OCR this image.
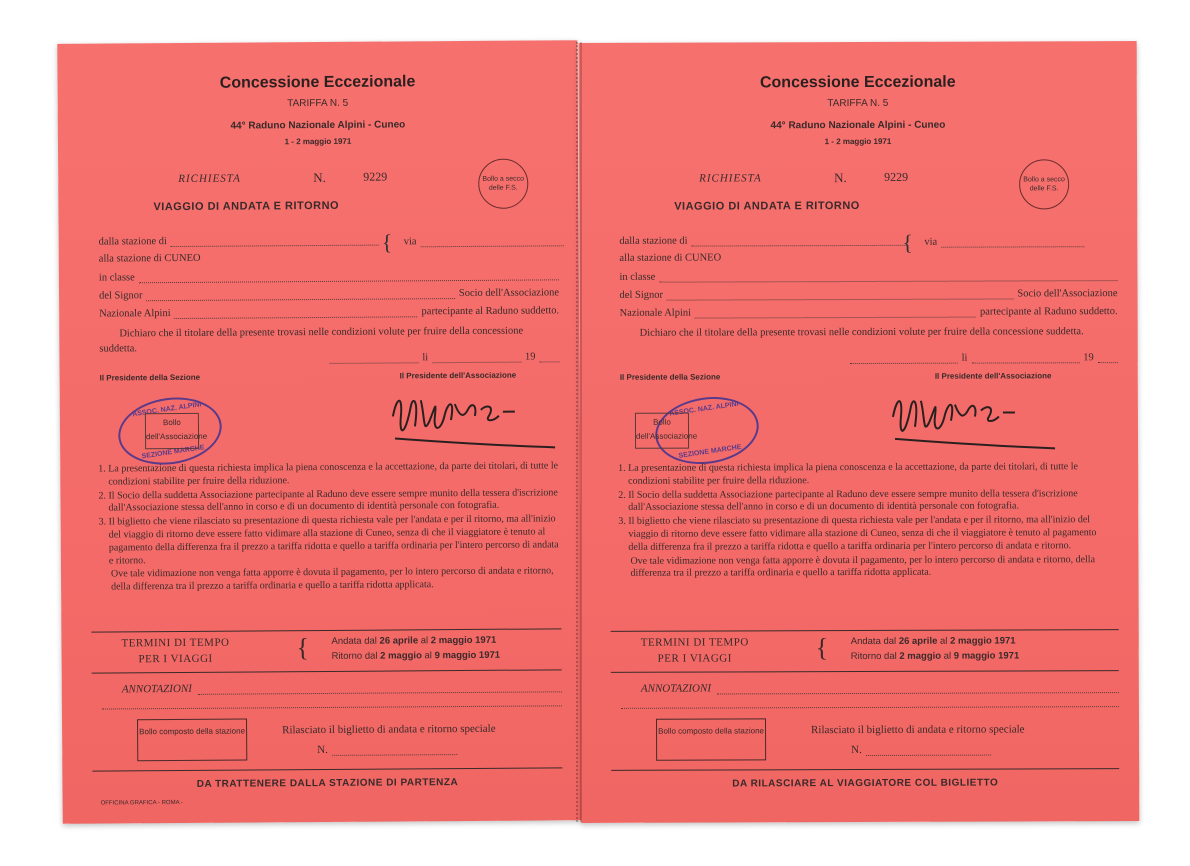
Concessione Eccezionale
TARIFFA N. 5
44° Raduno Nazionale Alpini - Cuneo
1 - 2 maggio 1971
RICHIESTA	N.	9229	Bollo a secco delle F.S.
VIAGGIO DI ANDATA E RITORNO
dalla stazione di	{ via
alla stazione di CUNEO
in classe
del Signor	Socio dell'Associazione
Nazionale Alpini	partecipante al Raduno suddetto.
Dichiaro che il titolare della presente trovasi nelle condizioni volute per fruire della concessione suddetta.
li	19
Il Presidente della Sezione	Il Presidente dell'Associazione
ASSOC. NAZ. ALPINI
SEZIONE MARCHE
Bollo dell'Associazione
1. La presentazione di questa richiesta implica la piena conoscenza e la accettazione, da parte dei titolari, di tutte le condizioni stabilite per fruire della riduzione.
2. Il Socio della suddetta Associazione partecipante al Raduno deve essere sempre munito della tessera d'iscrizione dall'Associazione stessa dell'anno in corso e di un documento di identità personale con fotografia.
3. Il biglietto che viene rilasciato su presentazione di questa richiesta vale per l'andata e per il ritorno, ma all'inizio del viaggio di ritorno deve essere fatto vidimare alla stazione di Cuneo, senza di che il viaggiatore è tenuto al pagamento della differenza fra il prezzo a tariffa ridotta e quello a tariffa ordinaria per l'intero percorso di andata e ritorno.
Ove tale vidimazione non venga fatta apporre è dovuta il pagamento, per lo intero percorso di andata e ritorno, della differenza tra il prezzo a tariffa ordinaria e quello a tariffa ridotta applicata.
TERMINI DI TEMPO
PER I VIAGGI	{ Andata dal 26 aprile al 2 maggio 1971
Ritorno dal 2 maggio al 9 maggio 1971
ANNOTAZIONI
Bollo composto della stazione	Rilasciato il biglietto di andata e ritorno speciale
N.
DA TRATTENERE DALLA STAZIONE DI PARTENZA
OFFICINA GRAFICA - ROMA -
Concessione Eccezionale
TARIFFA N. 5
44° Raduno Nazionale Alpini - Cuneo
1 - 2 maggio 1971
RICHIESTA	N.	9229	Bollo a secco delle F.S.
VIAGGIO DI ANDATA E RITORNO
dalla stazione di	{ via
alla stazione di CUNEO
in classe
del Signor	Socio dell'Associazione
Nazionale Alpini	partecipante al Raduno suddetto.
Dichiaro che il titolare della presente trovasi nelle condizioni volute per fruire della concessione suddetta.
li	19
Il Presidente della Sezione	Il Presidente dell'Associazione
ASSOC. NAZ. ALPINI
SEZIONE MARCHE
Bollo dell'Associazione
1. La presentazione di questa richiesta implica la piena conoscenza e la accettazione, da parte dei titolari, di tutte le condizioni stabilite per fruire della riduzione.
2. Il Socio della suddetta Associazione partecipante al Raduno deve essere sempre munito della tessera d'iscrizione dall'Associazione stessa dell'anno in corso e di un documento di identità personale con fotografia.
3. Il biglietto che viene rilasciato su presentazione di questa richiesta vale per l'andata e per il ritorno, ma all'inizio del viaggio di ritorno deve essere fatto vidimare alla stazione di Cuneo, senza di che il viaggiatore è tenuto al pagamento della differenza fra il prezzo a tariffa ridotta e quello a tariffa ordinaria per l'intero percorso di andata e ritorno.
Ove tale vidimazione non venga fatta apporre è dovuta il pagamento, per lo intero percorso di andata e ritorno, della differenza tra il prezzo a tariffa ordinaria e quello a tariffa ridotta applicata.
TERMINI DI TEMPO
PER I VIAGGI	{ Andata dal 26 aprile al 2 maggio 1971
Ritorno dal 2 maggio al 9 maggio 1971
ANNOTAZIONI
Bollo composto della stazione	Rilasciato il biglietto di andata e ritorno speciale
N.
DA RILASCIARE AL VIAGGIATORE COL BIGLIETTO
